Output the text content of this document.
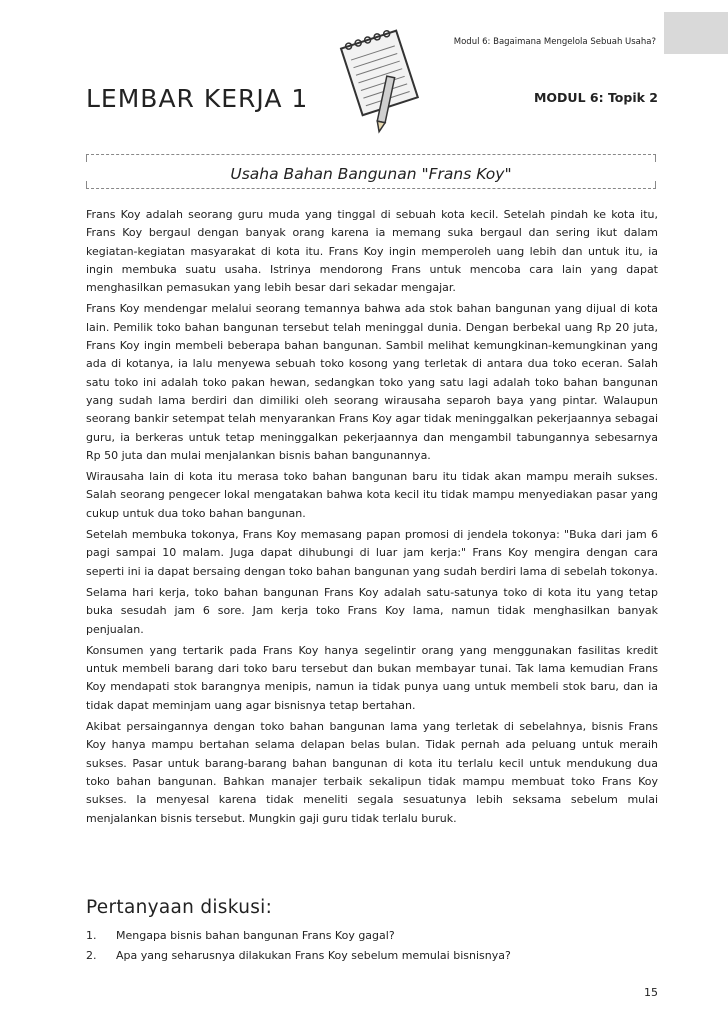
Modul 6: Bagaimana Mengelola Sebuah Usaha?
LEMBAR KERJA 1	MODUL 6: Topik 2
Usaha Bahan Bangunan "Frans Koy"

Frans Koy adalah seorang guru muda yang tinggal di sebuah kota kecil. Setelah pindah ke kota itu, Frans Koy bergaul dengan banyak orang karena ia memang suka bergaul dan sering ikut dalam kegiatan-kegiatan masyarakat di kota itu. Frans Koy ingin memperoleh uang lebih dan untuk itu, ia ingin membuka suatu usaha. Istrinya mendorong Frans untuk mencoba cara lain yang dapat menghasilkan pemasukan yang lebih besar dari sekadar mengajar.

Frans Koy mendengar melalui seorang temannya bahwa ada stok bahan bangunan yang dijual di kota lain. Pemilik toko bahan bangunan tersebut telah meninggal dunia. Dengan berbekal uang Rp 20 juta, Frans Koy ingin membeli beberapa bahan bangunan. Sambil melihat kemungkinan-kemungkinan yang ada di kotanya, ia lalu menyewa sebuah toko kosong yang terletak di antara dua toko eceran. Salah satu toko ini adalah toko pakan hewan, sedangkan toko yang satu lagi adalah toko bahan bangunan yang sudah lama berdiri dan dimiliki oleh seorang wirausaha separoh baya yang pintar. Walaupun seorang bankir setempat telah menyarankan Frans Koy agar tidak meninggalkan pekerjaannya sebagai guru, ia berkeras untuk tetap meninggalkan pekerjaannya dan mengambil tabungannya sebesarnya Rp 50 juta dan mulai menjalankan bisnis bahan bangunannya.

Wirausaha lain di kota itu merasa toko bahan bangunan baru itu tidak akan mampu meraih sukses. Salah seorang pengecer lokal mengatakan bahwa kota kecil itu tidak mampu menyediakan pasar yang cukup untuk dua toko bahan bangunan.

Setelah membuka tokonya, Frans Koy memasang papan promosi di jendela tokonya: "Buka dari jam 6 pagi sampai 10 malam. Juga dapat dihubungi di luar jam kerja:" Frans Koy mengira dengan cara seperti ini ia dapat bersaing dengan toko bahan bangunan yang sudah berdiri lama di sebelah tokonya.

Selama hari kerja, toko bahan bangunan Frans Koy adalah satu-satunya toko di kota itu yang tetap buka sesudah jam 6 sore. Jam kerja toko Frans Koy lama, namun tidak menghasilkan banyak penjualan.

Konsumen yang tertarik pada Frans Koy hanya segelintir orang yang menggunakan fasilitas kredit untuk membeli barang dari toko baru tersebut dan bukan membayar tunai. Tak lama kemudian Frans Koy mendapati stok barangnya menipis, namun ia tidak punya uang untuk membeli stok baru, dan ia tidak dapat meminjam uang agar bisnisnya tetap bertahan.

Akibat persaingannya dengan toko bahan bangunan lama yang terletak di sebelahnya, bisnis Frans Koy hanya mampu bertahan selama delapan belas bulan. Tidak pernah ada peluang untuk meraih sukses. Pasar untuk barang-barang bahan bangunan di kota itu terlalu kecil untuk mendukung dua toko bahan bangunan. Bahkan manajer terbaik sekalipun tidak mampu membuat toko Frans Koy sukses. Ia menyesal karena tidak meneliti segala sesuatunya lebih seksama sebelum mulai menjalankan bisnis tersebut. Mungkin gaji guru tidak terlalu buruk.

Pertanyaan diskusi:
1.	Mengapa bisnis bahan bangunan Frans Koy gagal?
2.	Apa yang seharusnya dilakukan Frans Koy sebelum memulai bisnisnya?
15
